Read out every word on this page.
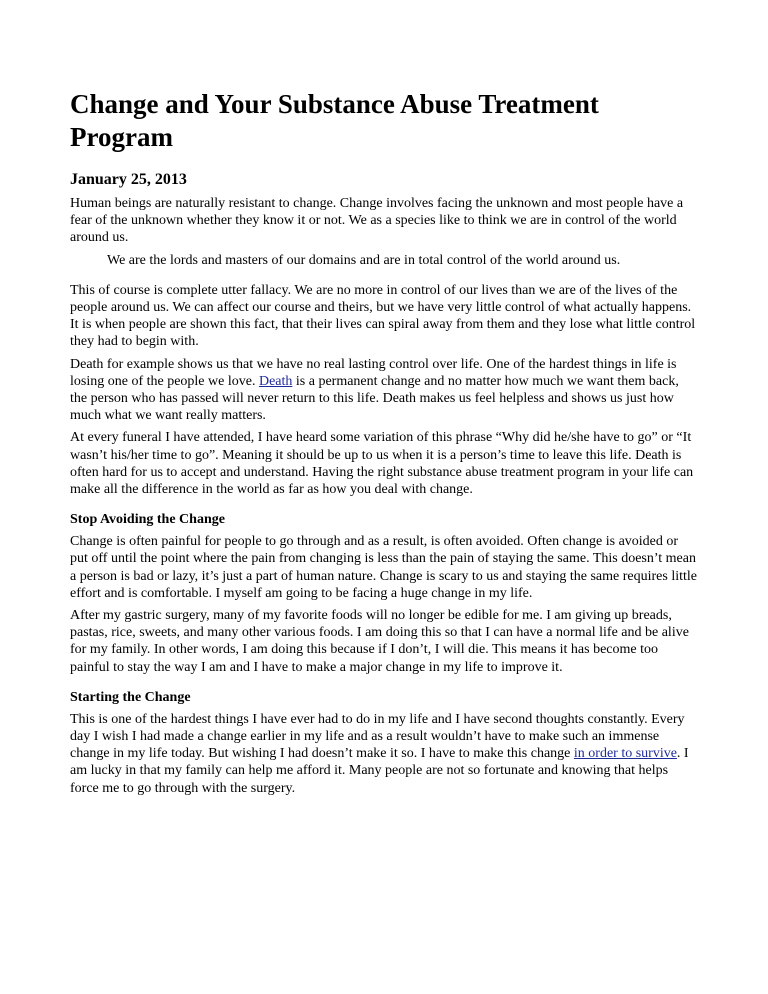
Change and Your Substance Abuse Treatment Program
January 25, 2013

Human beings are naturally resistant to change. Change involves facing the unknown and most people have a fear of the unknown whether they know it or not. We as a species like to think we are in control of the world around us.

We are the lords and masters of our domains and are in total control of the world around us.

This of course is complete utter fallacy. We are no more in control of our lives than we are of the lives of the people around us. We can affect our course and theirs, but we have very little control of what actually happens. It is when people are shown this fact, that their lives can spiral away from them and they lose what little control they had to begin with.

Death for example shows us that we have no real lasting control over life. One of the hardest things in life is losing one of the people we love. Death is a permanent change and no matter how much we want them back, the person who has passed will never return to this life. Death makes us feel helpless and shows us just how much what we want really matters.

At every funeral I have attended, I have heard some variation of this phrase “Why did he/she have to go” or “It wasn’t his/her time to go”. Meaning it should be up to us when it is a person’s time to leave this life. Death is often hard for us to accept and understand. Having the right substance abuse treatment program in your life can make all the difference in the world as far as how you deal with change.

Stop Avoiding the Change

Change is often painful for people to go through and as a result, is often avoided. Often change is avoided or put off until the point where the pain from changing is less than the pain of staying the same. This doesn’t mean a person is bad or lazy, it’s just a part of human nature. Change is scary to us and staying the same requires little effort and is comfortable. I myself am going to be facing a huge change in my life.

After my gastric surgery, many of my favorite foods will no longer be edible for me. I am giving up breads, pastas, rice, sweets, and many other various foods. I am doing this so that I can have a normal life and be alive for my family. In other words, I am doing this because if I don’t, I will die. This means it has become too painful to stay the way I am and I have to make a major change in my life to improve it.

Starting the Change

This is one of the hardest things I have ever had to do in my life and I have second thoughts constantly. Every day I wish I had made a change earlier in my life and as a result wouldn’t have to make such an immense change in my life today. But wishing I had doesn’t make it so. I have to make this change in order to survive. I am lucky in that my family can help me afford it. Many people are not so fortunate and knowing that helps force me to go through with the surgery.
